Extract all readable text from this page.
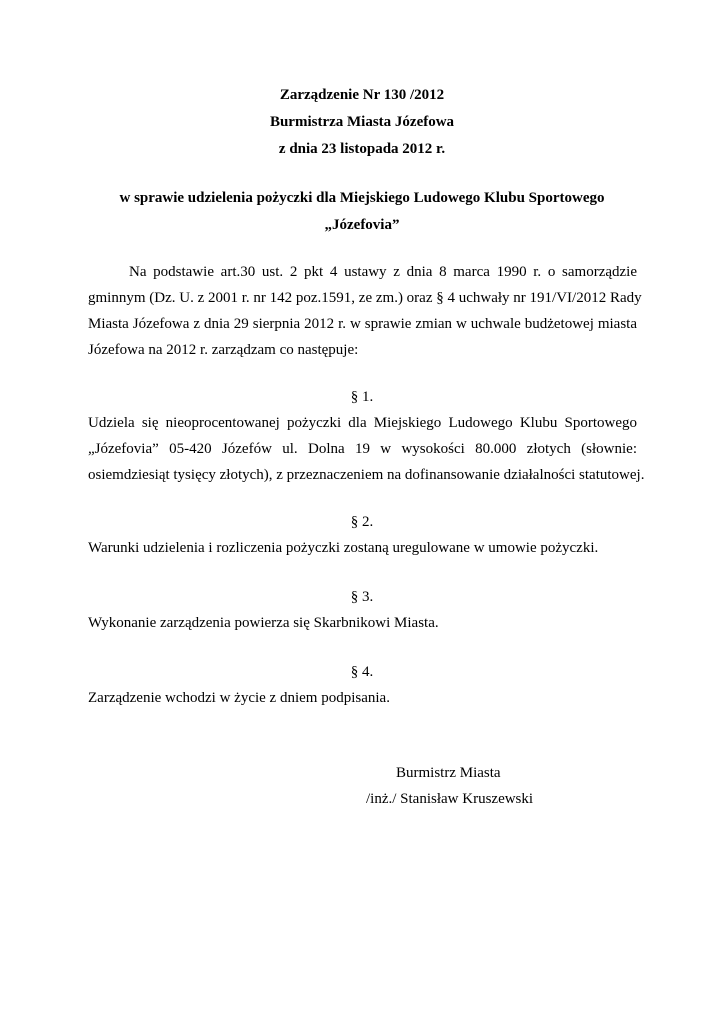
Zarządzenie Nr 130 /2012

Burmistrza Miasta Józefowa

z dnia 23 listopada 2012 r.

w sprawie udzielenia pożyczki dla Miejskiego Ludowego Klubu Sportowego

„Józefovia”

Na podstawie art.30 ust. 2 pkt 4 ustawy z dnia 8 marca 1990 r. o samorządzie

gminnym (Dz. U. z 2001 r. nr 142 poz.1591, ze zm.) oraz § 4 uchwały nr 191/VI/2012 Rady

Miasta Józefowa z dnia 29 sierpnia 2012 r. w sprawie zmian w uchwale budżetowej miasta

Józefowa na 2012 r. zarządzam co następuje:

§ 1.

Udziela się nieoprocentowanej pożyczki dla Miejskiego Ludowego Klubu Sportowego

„Józefovia” 05-420 Józefów ul. Dolna 19 w wysokości 80.000 złotych (słownie:

osiemdziesiąt tysięcy złotych), z przeznaczeniem na dofinansowanie działalności statutowej.

§ 2.

Warunki udzielenia i rozliczenia pożyczki zostaną uregulowane w umowie pożyczki.

§ 3.

Wykonanie zarządzenia powierza się Skarbnikowi Miasta.

§ 4.

Zarządzenie wchodzi w życie z dniem podpisania.

Burmistrz Miasta

/inż./ Stanisław Kruszewski
